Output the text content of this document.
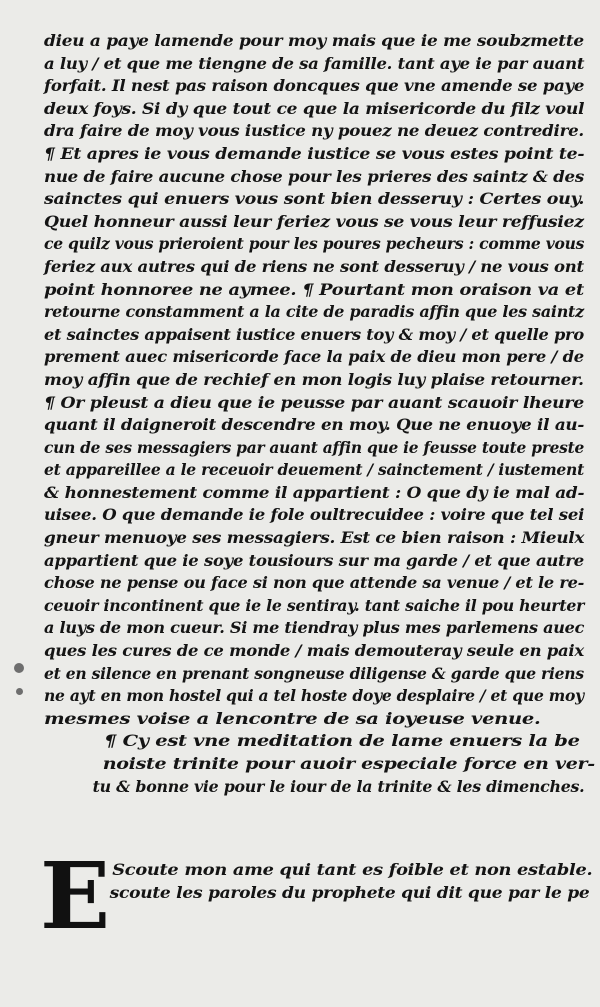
dieu a paye lamende pour moy mais que ie me soubzmette
a luy / et que me tiengne de sa famille. tant aye ie par auant
forfait. Il nest pas raison doncques que vne amende se paye
deux foys. Si dy que tout ce que la misericorde du filz voul
dra faire de moy vous iustice ny pouez ne deuez contredire.
¶ Et apres ie vous demande iustice se vous estes point te-
nue de faire aucune chose pour les prieres des saintz & des
sainctes qui enuers vous sont bien desseruy : Certes ouy.
Quel honneur aussi leur feriez vous se vous leur reffusiez
ce quilz vous prieroient pour les poures pecheurs : comme vous
feriez aux autres qui de riens ne sont desseruy / ne vous ont
point honnoree ne aymee. ¶ Pourtant mon oraison va et
retourne constamment a la cite de paradis affin que les saintz
et sainctes appaisent iustice enuers toy & moy / et quelle pro
prement auec misericorde face la paix de dieu mon pere / de
moy affin que de rechief en mon logis luy plaise retourner.
¶ Or pleust a dieu que ie peusse par auant scauoir lheure
quant il daigneroit descendre en moy. Que ne enuoye il au-
cun de ses messagiers par auant affin que ie feusse toute preste
et appareillee a le receuoir deuement / sainctement / iustement
& honnestement comme il appartient : O que dy ie mal ad-
uisee. O que demande ie fole oultrecuidee : voire que tel sei
gneur menuoye ses messagiers. Est ce bien raison : Mieulx
appartient que ie soye tousiours sur ma garde / et que autre
chose ne pense ou face si non que attende sa venue / et le re-
ceuoir incontinent que ie le sentiray. tant saiche il pou heurter
a luys de mon cueur. Si me tiendray plus mes parlemens auec
ques les cures de ce monde / mais demouteray seule en paix
et en silence en prenant songneuse diligense & garde que riens
ne ayt en mon hostel qui a tel hoste doye desplaire / et que moy
mesmes voise a lencontre de sa ioyeuse venue.
¶ Cy est vne meditation de lame enuers la be
noiste trinite pour auoir especiale force en ver-
tu & bonne vie pour le iour de la trinite & les dimenches.
E Scoute mon ame qui tant es foible et non estable.
scoute les paroles du prophete qui dit que par le pe
